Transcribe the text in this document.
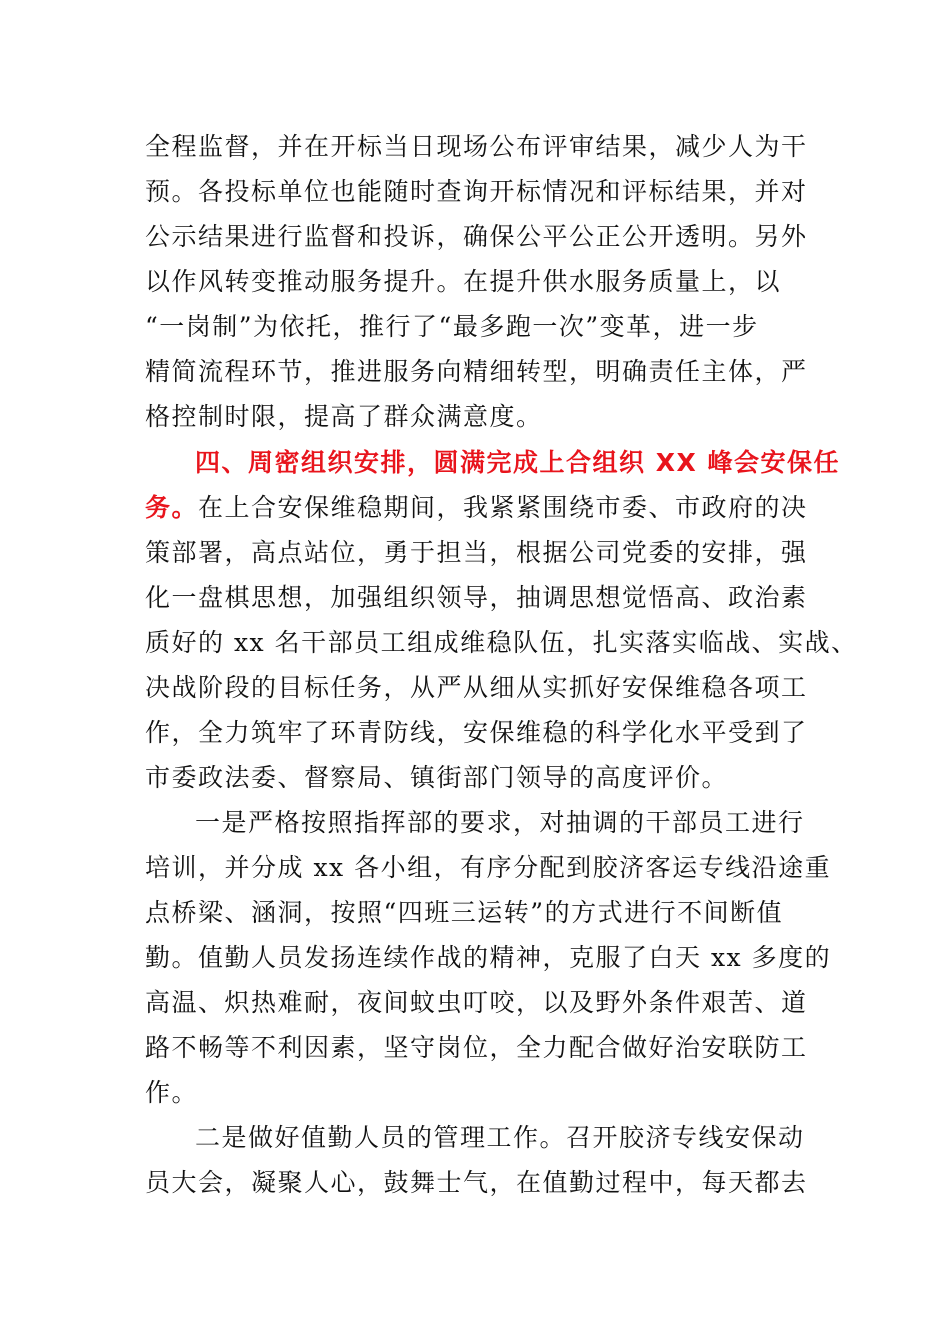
全程监督，并在开标当日现场公布评审结果，减少人为干
预。各投标单位也能随时查询开标情况和评标结果，并对
公示结果进行监督和投诉，确保公平公正公开透明。另外
以作风转变推动服务提升。在提升供水服务质量上，以
“一岗制”为依托，推行了“最多跑一次”变革，进一步
精简流程环节，推进服务向精细转型，明确责任主体，严
格控制时限，提高了群众满意度。
四、周密组织安排，圆满完成上合组织 XX 峰会安保任
务。在上合安保维稳期间，我紧紧围绕市委、市政府的决
策部署，高点站位，勇于担当，根据公司党委的安排，强
化一盘棋思想，加强组织领导，抽调思想觉悟高、政治素
质好的 xx 名干部员工组成维稳队伍，扎实落实临战、实战、
决战阶段的目标任务，从严从细从实抓好安保维稳各项工
作，全力筑牢了环青防线，安保维稳的科学化水平受到了
市委政法委、督察局、镇街部门领导的高度评价。
一是严格按照指挥部的要求，对抽调的干部员工进行
培训，并分成 xx 各小组，有序分配到胶济客运专线沿途重
点桥梁、涵洞，按照“四班三运转”的方式进行不间断值
勤。值勤人员发扬连续作战的精神，克服了白天 xx 多度的
高温、炽热难耐，夜间蚊虫叮咬，以及野外条件艰苦、道
路不畅等不利因素，坚守岗位，全力配合做好治安联防工
作。
二是做好值勤人员的管理工作。召开胶济专线安保动
员大会，凝聚人心，鼓舞士气，在值勤过程中，每天都去
